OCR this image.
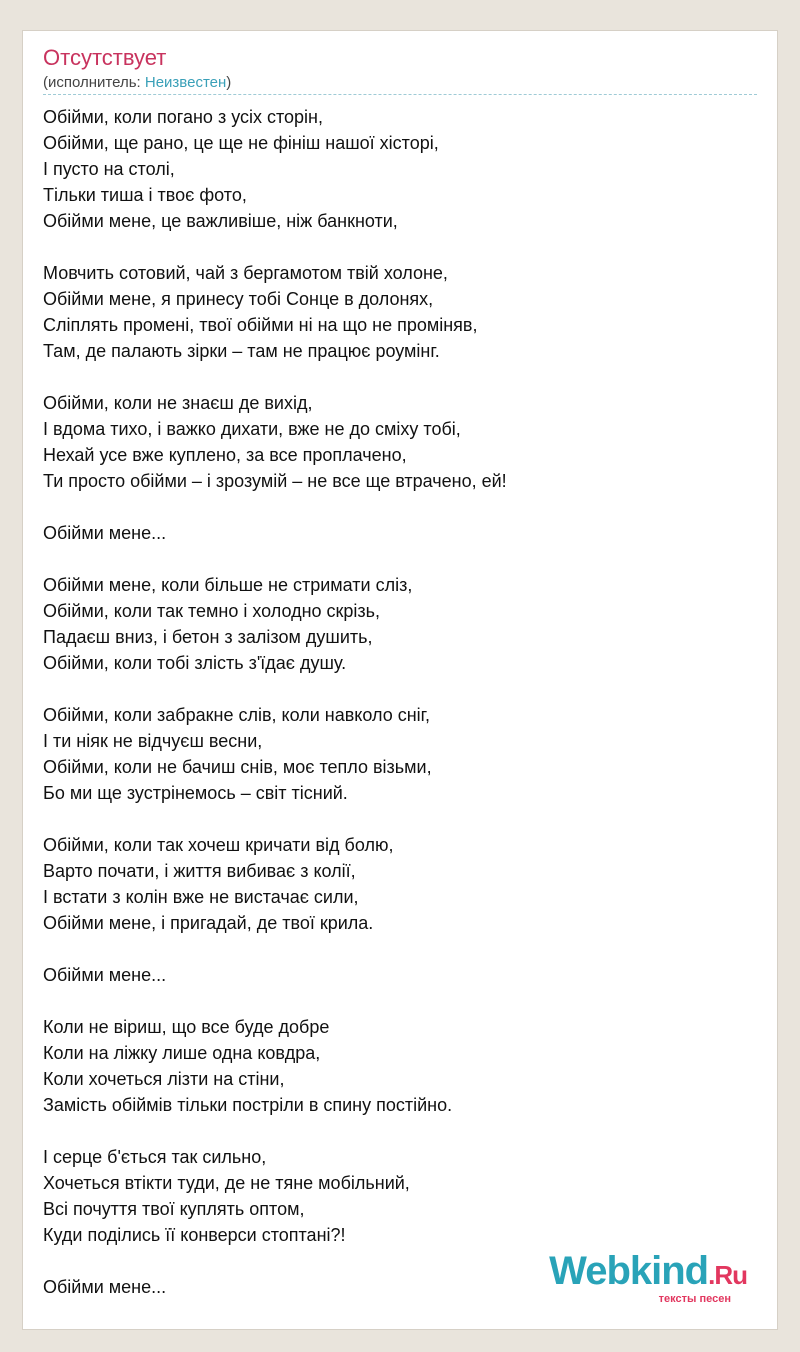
Отсутствует
(исполнитель: Неизвестен)
Обійми, коли погано з усіх сторін,
Обійми, ще рано, це ще не фініш нашої хісторі,
І пусто на столі,
Тільки тиша і твоє фото,
Обійми мене, це важливіше, ніж банкноти,
Мовчить сотовий, чай з бергамотом твій холоне,
Обійми мене, я принесу тобі Сонце в долонях,
Сліплять промені, твої обійми ні на що не проміняв,
Там, де палають зірки – там не працює роумінг.
Обійми, коли не знаєш де вихід,
І вдома тихо, і важко дихати, вже не до сміху тобі,
Нехай усе вже куплено, за все проплачено,
Ти просто обійми – і зрозумій – не все ще втрачено, ей!
Обійми мене...
Обійми мене, коли більше не стримати сліз,
Обійми, коли так темно і холодно скрізь,
Падаєш вниз, і бетон з залізом душить,
Обійми, коли тобі злість з'їдає душу.
Обійми, коли забракне слів, коли навколо сніг,
І ти ніяк не відчуєш весни,
Обійми, коли не бачиш снів, моє тепло візьми,
Бо ми ще зустрінемось – світ тісний.
Обійми, коли так хочеш кричати від болю,
Варто почати, і життя вибиває з колії,
І встати з колін вже не вистачає сили,
Обійми мене, і пригадай, де твої крила.
Обійми мене...
Коли не віриш, що все буде добре
Коли на ліжку лише одна ковдра,
Коли хочеться лізти на стіни,
Замість обіймів тільки постріли в спину постійно.
І серце б'ється так сильно,
Хочеться втікти туди, де не тяне мобільний,
Всі почуття твої куплять оптом,
Куди поділись її конверси стоптані?!
Обійми мене...	Webkind.Ru
тексты песен
